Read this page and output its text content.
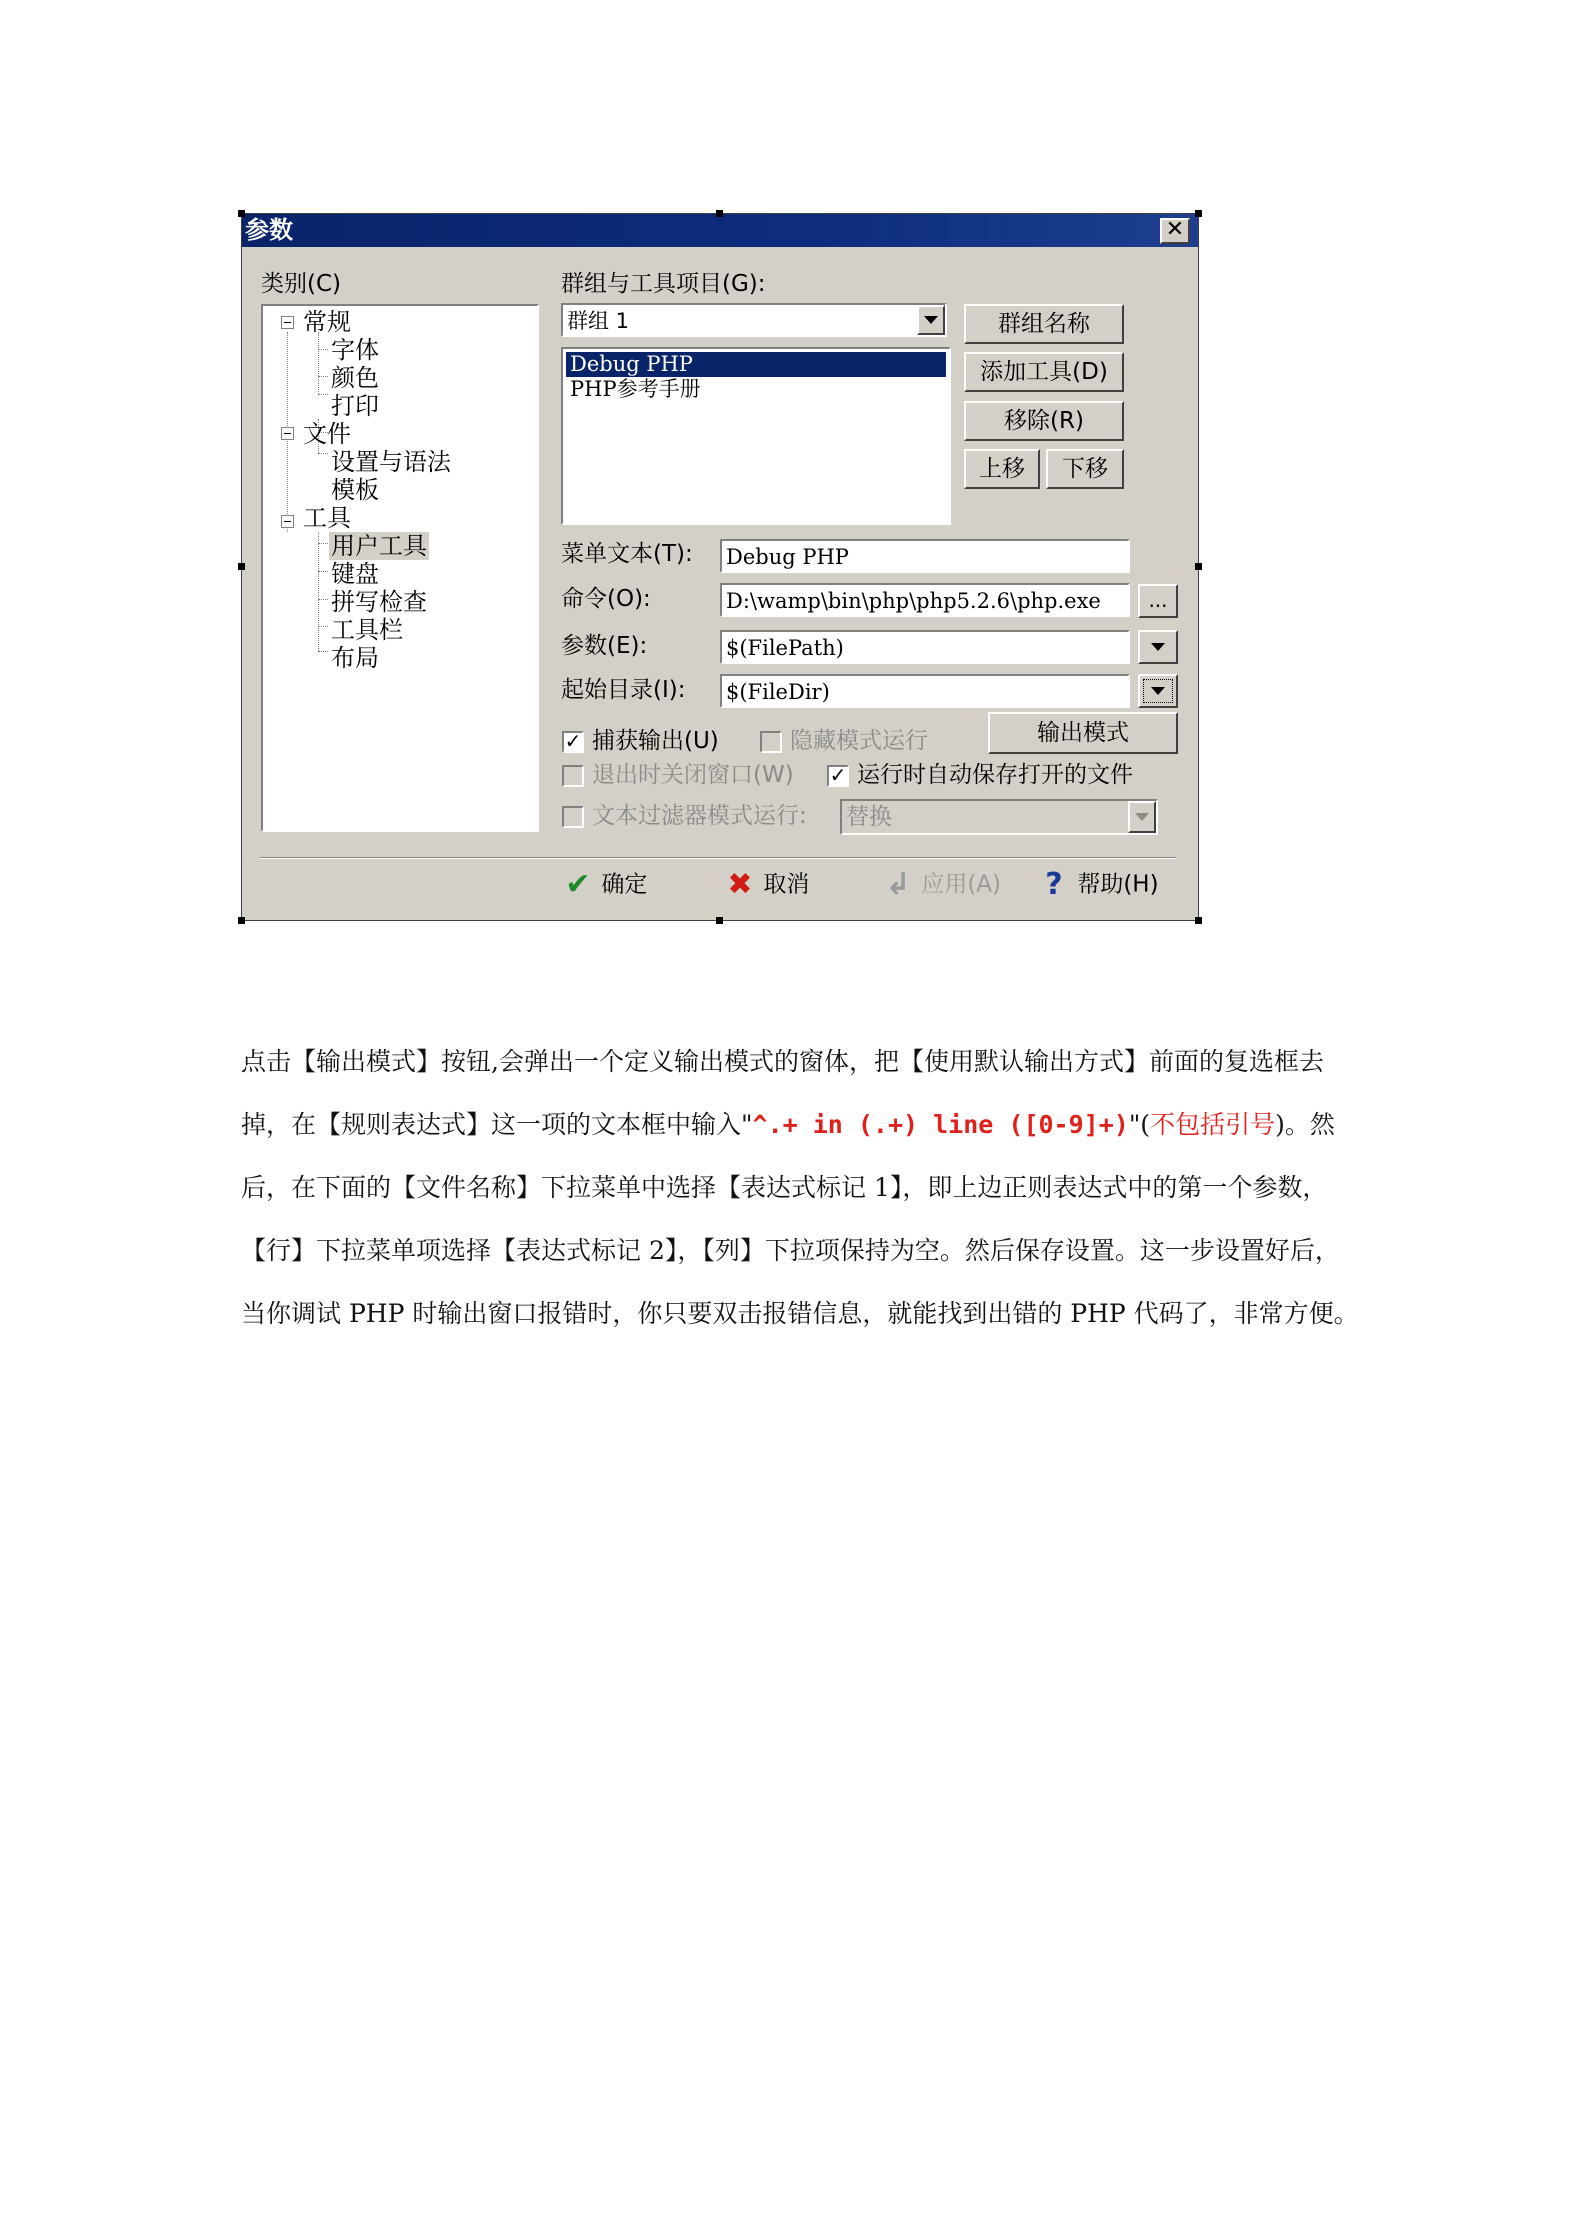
参数	✕
类别(C)
常规
字体
颜色
打印
文件
设置与语法
模板
工具
用户工具
键盘
拼写检查
工具栏
布局
群组与工具项目(G):
群组 1
Debug PHP
PHP参考手册
群组名称
添加工具(D)
移除(R)
上移	下移
菜单文本(T): Debug PHP
命令(O):	D:\wamp\bin\php\php5.2.6\php.exe	...
参数(E):	$(FilePath)
起始目录(I): $(FileDir)
✓ 捕获输出(U)	隐藏模式运行	输出模式
退出时关闭窗口(W) ✓ 运行时自动保存打开的文件
文本过滤器模式运行: 替换
✔ 确定	✖ 取消	↲ 应用(A) ? 帮助(H)
点击【输出模式】按钮,会弹出一个定义输出模式的窗体，把【使用默认输出方式】前面的复选框去掉，在【规则表达式】这一项的文本框中输入"^.+ in (.+) line ([0-9]+)"(不包括引号)。然后，在下面的【文件名称】下拉菜单中选择【表达式标记 1】，即上边正则表达式中的第一个参数，【行】下拉菜单项选择【表达式标记 2】，【列】下拉项保持为空。然后保存设置。这一步设置好后，当你调试 PHP 时输出窗口报错时，你只要双击报错信息，就能找到出错的 PHP 代码了，非常方便。
